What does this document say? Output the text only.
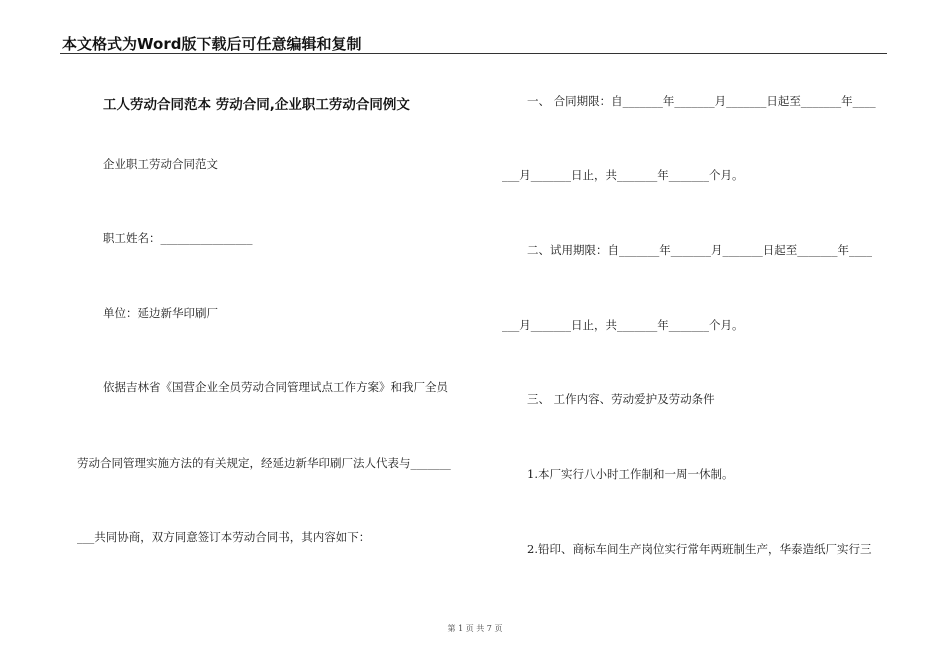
本文格式为Word版下载后可任意编辑和复制
工人劳动合同范本 劳动合同,企业职工劳动合同例文
企业职工劳动合同范文
职工姓名：________________
单位：延边新华印刷厂
依据吉林省《国营企业全员劳动合同管理试点工作方案》和我厂全员
劳动合同管理实施方法的有关规定，经延边新华印刷厂法人代表与_______
___共同协商，双方同意签订本劳动合同书，其内容如下：
一、 合同期限：自_______年_______月_______日起至_______年____
___月_______日止，共_______年_______个月。
二、试用期限：自_______年_______月_______日起至_______年____
___月_______日止，共_______年_______个月。
三、 工作内容、劳动爱护及劳动条件
1.本厂实行八小时工作制和一周一休制。
2.铅印、商标车间生产岗位实行常年两班制生产，华泰造纸厂实行三
第 1 页 共 7 页
